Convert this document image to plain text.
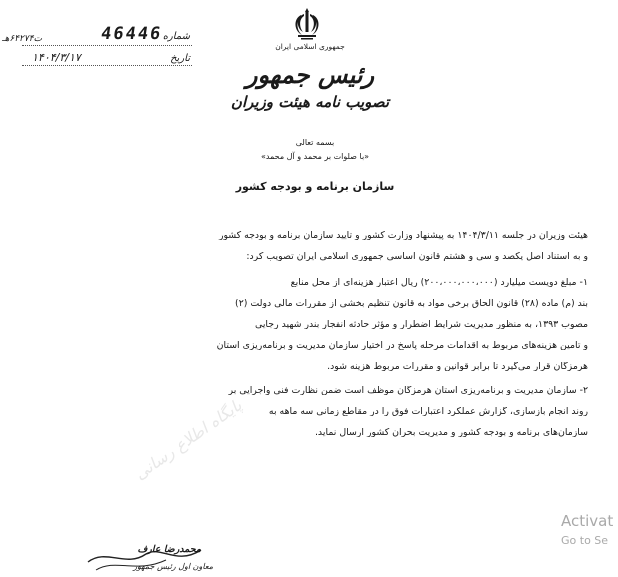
ت۶۴۲۷۴هـ	46446 شماره
۱۴۰۴/۳/۱۷	تاریخ
جمهوری اسلامی ایران
رئیس جمهور
تصویب نامه هیئت وزیران
بسمه تعالی
«با صلوات بر محمد و آل محمد»
سازمان برنامه و بودجه کشور
هیئت وزیران در جلسه ۱۴۰۴/۳/۱۱ به پیشنهاد وزارت کشور و تأیید سازمان برنامه و بودجه کشور
و به استناد اصل یکصد و سی و هشتم قانون اساسی جمهوری اسلامی ایران تصویب کرد:
۱- مبلغ دویست میلیارد (۲۰۰،۰۰۰،۰۰۰،۰۰۰) ریال اعتبار هزینه‌ای از محل منابع
بند (م) ماده (۲۸) قانون الحاق برخی مواد به قانون تنظیم بخشی از مقررات مالی دولت (۲)
مصوب ۱۳۹۳، به منظور مدیریت شرایط اضطرار و مؤثر حادثه انفجار بندر شهید رجایی
و تأمین هزینه‌های مربوط به اقدامات مرحله پاسخ در اختیار سازمان مدیریت و برنامه‌ریزی استان
هرمزگان قرار می‌گیرد تا برابر قوانین و مقررات مربوط هزینه شود.
۲- سازمان مدیریت و برنامه‌ریزی استان هرمزگان موظف است ضمن نظارت فنی واجرایی بر
روند انجام بازسازی، گزارش عملکرد اعتبارات فوق را در مقاطع زمانی سه ماهه به
سازمان‌های برنامه و بودجه کشور و مدیریت بحران کشور ارسال نماید.
پایگاه اطلاع رسانی
محمدرضا عارف
معاون اول رئیس جمهور
Activat
Go to Se
